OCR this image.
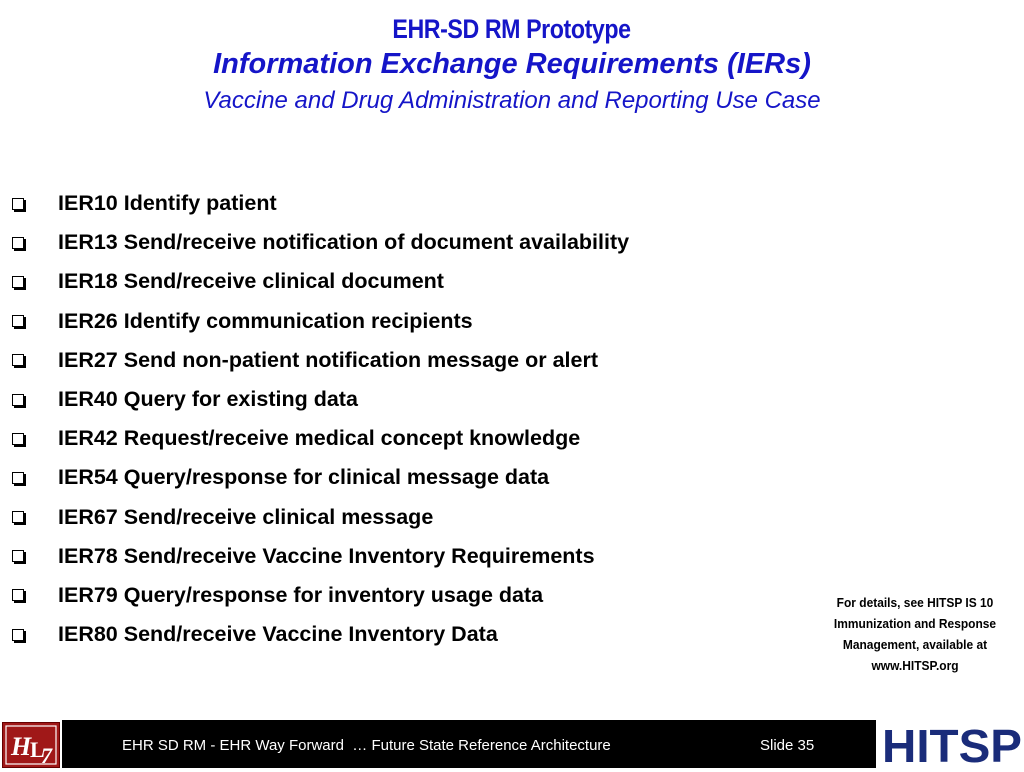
EHR-SD RM Prototype
Information Exchange Requirements (IERs)
Vaccine and Drug Administration and Reporting Use Case
IER10 Identify patient
IER13 Send/receive notification of document availability
IER18 Send/receive clinical document
IER26 Identify communication recipients
IER27 Send non-patient notification message or alert
IER40 Query for existing data
IER42 Request/receive medical concept knowledge
IER54 Query/response for clinical message data
IER67 Send/receive clinical message
IER78 Send/receive Vaccine Inventory Requirements
IER79 Query/response for inventory usage data
IER80 Send/receive Vaccine Inventory Data
For details, see HITSP IS 10
Immunization and Response
Management, available at
www.HITSP.org
EHR SD RM - EHR Way Forward  … Future State Reference Architecture	Slide 35
H
L
7	HITSP
